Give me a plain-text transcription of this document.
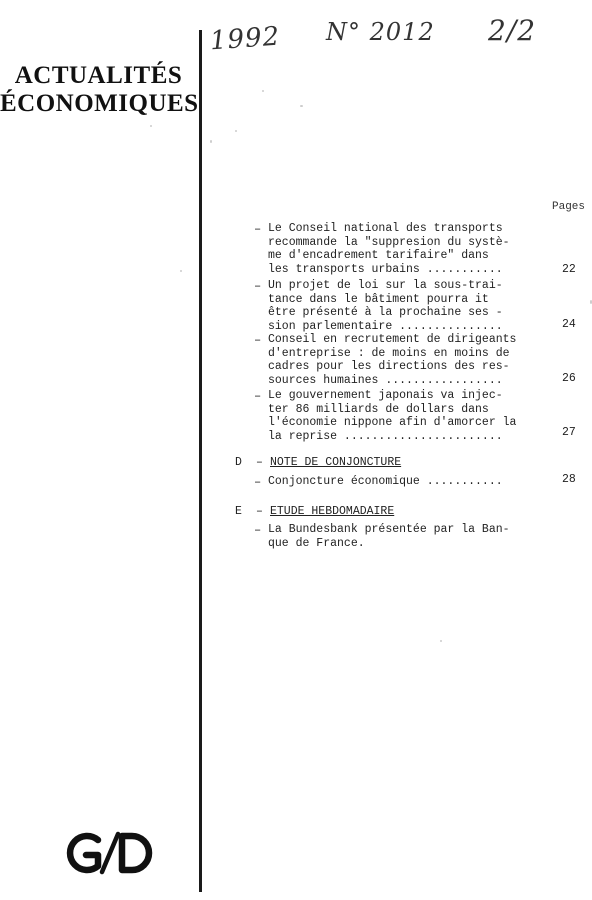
1992 N° 2012 2/2
ACTUALITÉS
ÉCONOMIQUES
Pages
– Le Conseil national des transports
recommande la "suppresion du systè-
me d'encadrement tarifaire" dans
les transports urbains ...........	22
– Un projet de loi sur la sous-trai-
tance dans le bâtiment pourra it
être présenté à la prochaine ses -
sion parlementaire ...............	24
– Conseil en recrutement de dirigeants
d'entreprise : de moins en moins de
cadres pour les directions des res-
sources humaines .................	26
– Le gouvernement japonais va injec-
ter 86 milliards de dollars dans
l'économie nippone afin d'amorcer la
la reprise .......................	27
D – NOTE DE CONJONCTURE
– Conjoncture économique ...........	28
E – ETUDE HEBDOMADAIRE
– La Bundesbank présentée par la Ban-
que de France.
G/D
